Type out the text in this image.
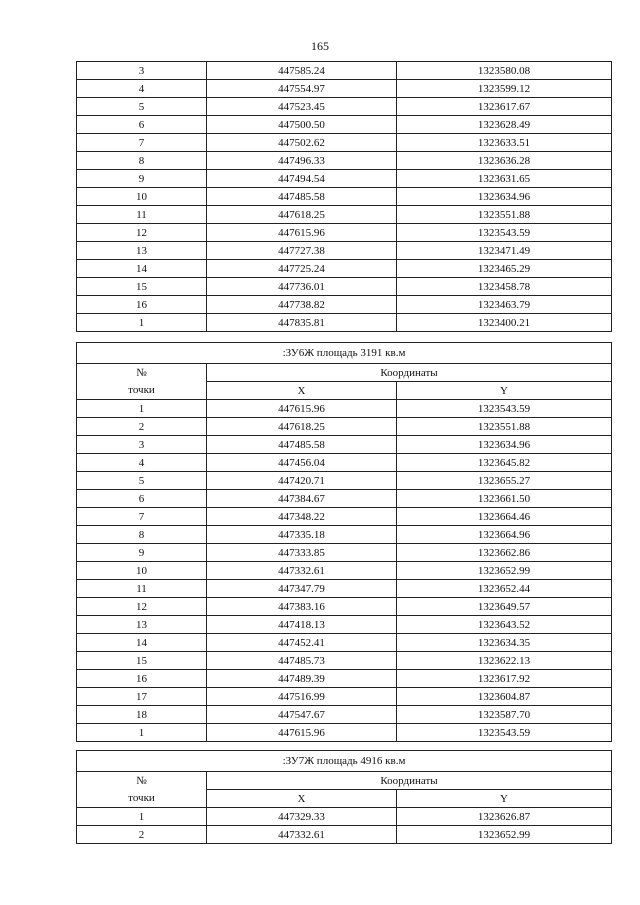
165
3	447585.24	1323580.08
4	447554.97	1323599.12
5	447523.45	1323617.67
6	447500.50	1323628.49
7	447502.62	1323633.51
8	447496.33	1323636.28
9	447494.54	1323631.65
10	447485.58	1323634.96
11	447618.25	1323551.88
12	447615.96	1323543.59
13	447727.38	1323471.49
14	447725.24	1323465.29
15	447736.01	1323458.78
16	447738.82	1323463.79
1	447835.81	1323400.21
:ЗУ6Ж площадь 3191 кв.м		
№	Координаты	
точки	X	Y
1	447615.96	1323543.59
2	447618.25	1323551.88
3	447485.58	1323634.96
4	447456.04	1323645.82
5	447420.71	1323655.27
6	447384.67	1323661.50
7	447348.22	1323664.46
8	447335.18	1323664.96
9	447333.85	1323662.86
10	447332.61	1323652.99
11	447347.79	1323652.44
12	447383.16	1323649.57
13	447418.13	1323643.52
14	447452.41	1323634.35
15	447485.73	1323622.13
16	447489.39	1323617.92
17	447516.99	1323604.87
18	447547.67	1323587.70
1	447615.96	1323543.59
:ЗУ7Ж площадь 4916 кв.м		
№	Координаты	
точки	X	Y
1	447329.33	1323626.87
2	447332.61	1323652.99
